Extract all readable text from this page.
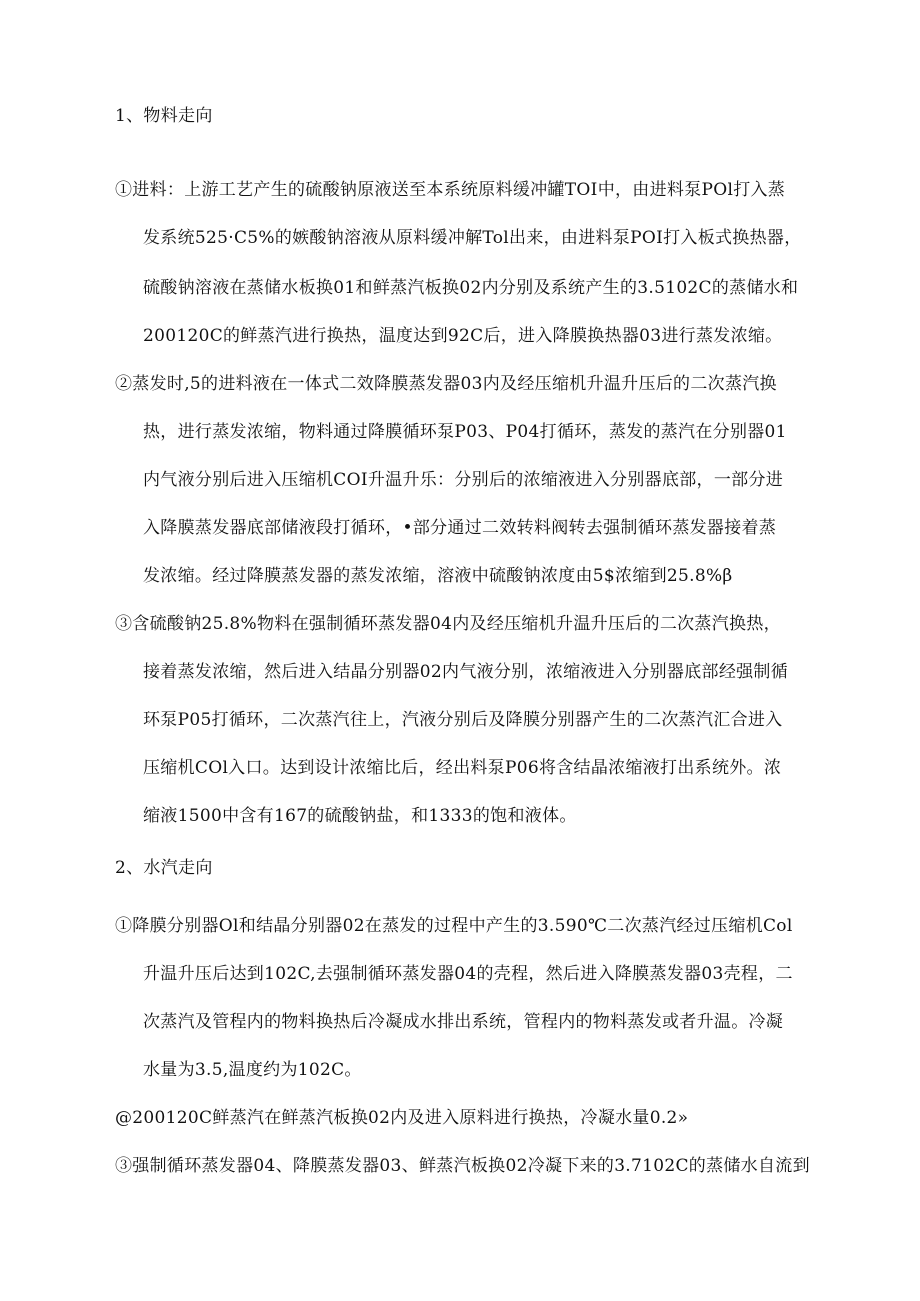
1、物料走向
①进料：上游工艺产生的硫酸钠原液送至本系统原料缓冲罐TOI中，由进料泵POl打入蒸
发系统525·C5%的嫉酸钠溶液从原料缓冲解Tol出来，由进料泵POI打入板式换热器，
硫酸钠溶液在蒸储水板换01和鲜蒸汽板换02内分别及系统产生的3.5102C的蒸储水和
200120C的鲜蒸汽进行换热，温度达到92C后，进入降膜换热器03进行蒸发浓缩。
②蒸发时,5的进料液在一体式二效降膜蒸发器03内及经压缩机升温升压后的二次蒸汽换
热，进行蒸发浓缩，物料通过降膜循环泵P03、P04打循环，蒸发的蒸汽在分别器01
内气液分别后进入压缩机COI升温升乐：分别后的浓缩液进入分别器底部，一部分进
入降膜蒸发器底部储液段打循环，•部分通过二效转料阀转去强制循环蒸发器接着蒸
发浓缩。经过降膜蒸发器的蒸发浓缩，溶液中硫酸钠浓度由5$浓缩到25.8%β
③含硫酸钠25.8%物料在强制循环蒸发器04内及经压缩机升温升压后的二次蒸汽换热，
接着蒸发浓缩，然后进入结晶分别器02内气液分别，浓缩液进入分别器底部经强制循
环泵P05打循环，二次蒸汽往上，汽液分别后及降膜分别器产生的二次蒸汽汇合进入
压缩机COl入口。达到设计浓缩比后，经出料泵P06将含结晶浓缩液打出系统外。浓
缩液1500中含有167的硫酸钠盐，和1333的饱和液体。
2、水汽走向
①降膜分别器Ol和结晶分别器02在蒸发的过程中产生的3.590℃二次蒸汽经过压缩机Col
升温升压后达到102C,去强制循环蒸发器04的壳程，然后进入降膜蒸发器03壳程，二
次蒸汽及管程内的物料换热后冷凝成水排出系统，管程内的物料蒸发或者升温。冷凝
水量为3.5,温度约为102C。
@200120C鲜蒸汽在鲜蒸汽板换02内及进入原料进行换热，冷凝水量0.2»
③强制循环蒸发器04、降膜蒸发器03、鲜蒸汽板换02冷凝下来的3.7102C的蒸储水自流到
